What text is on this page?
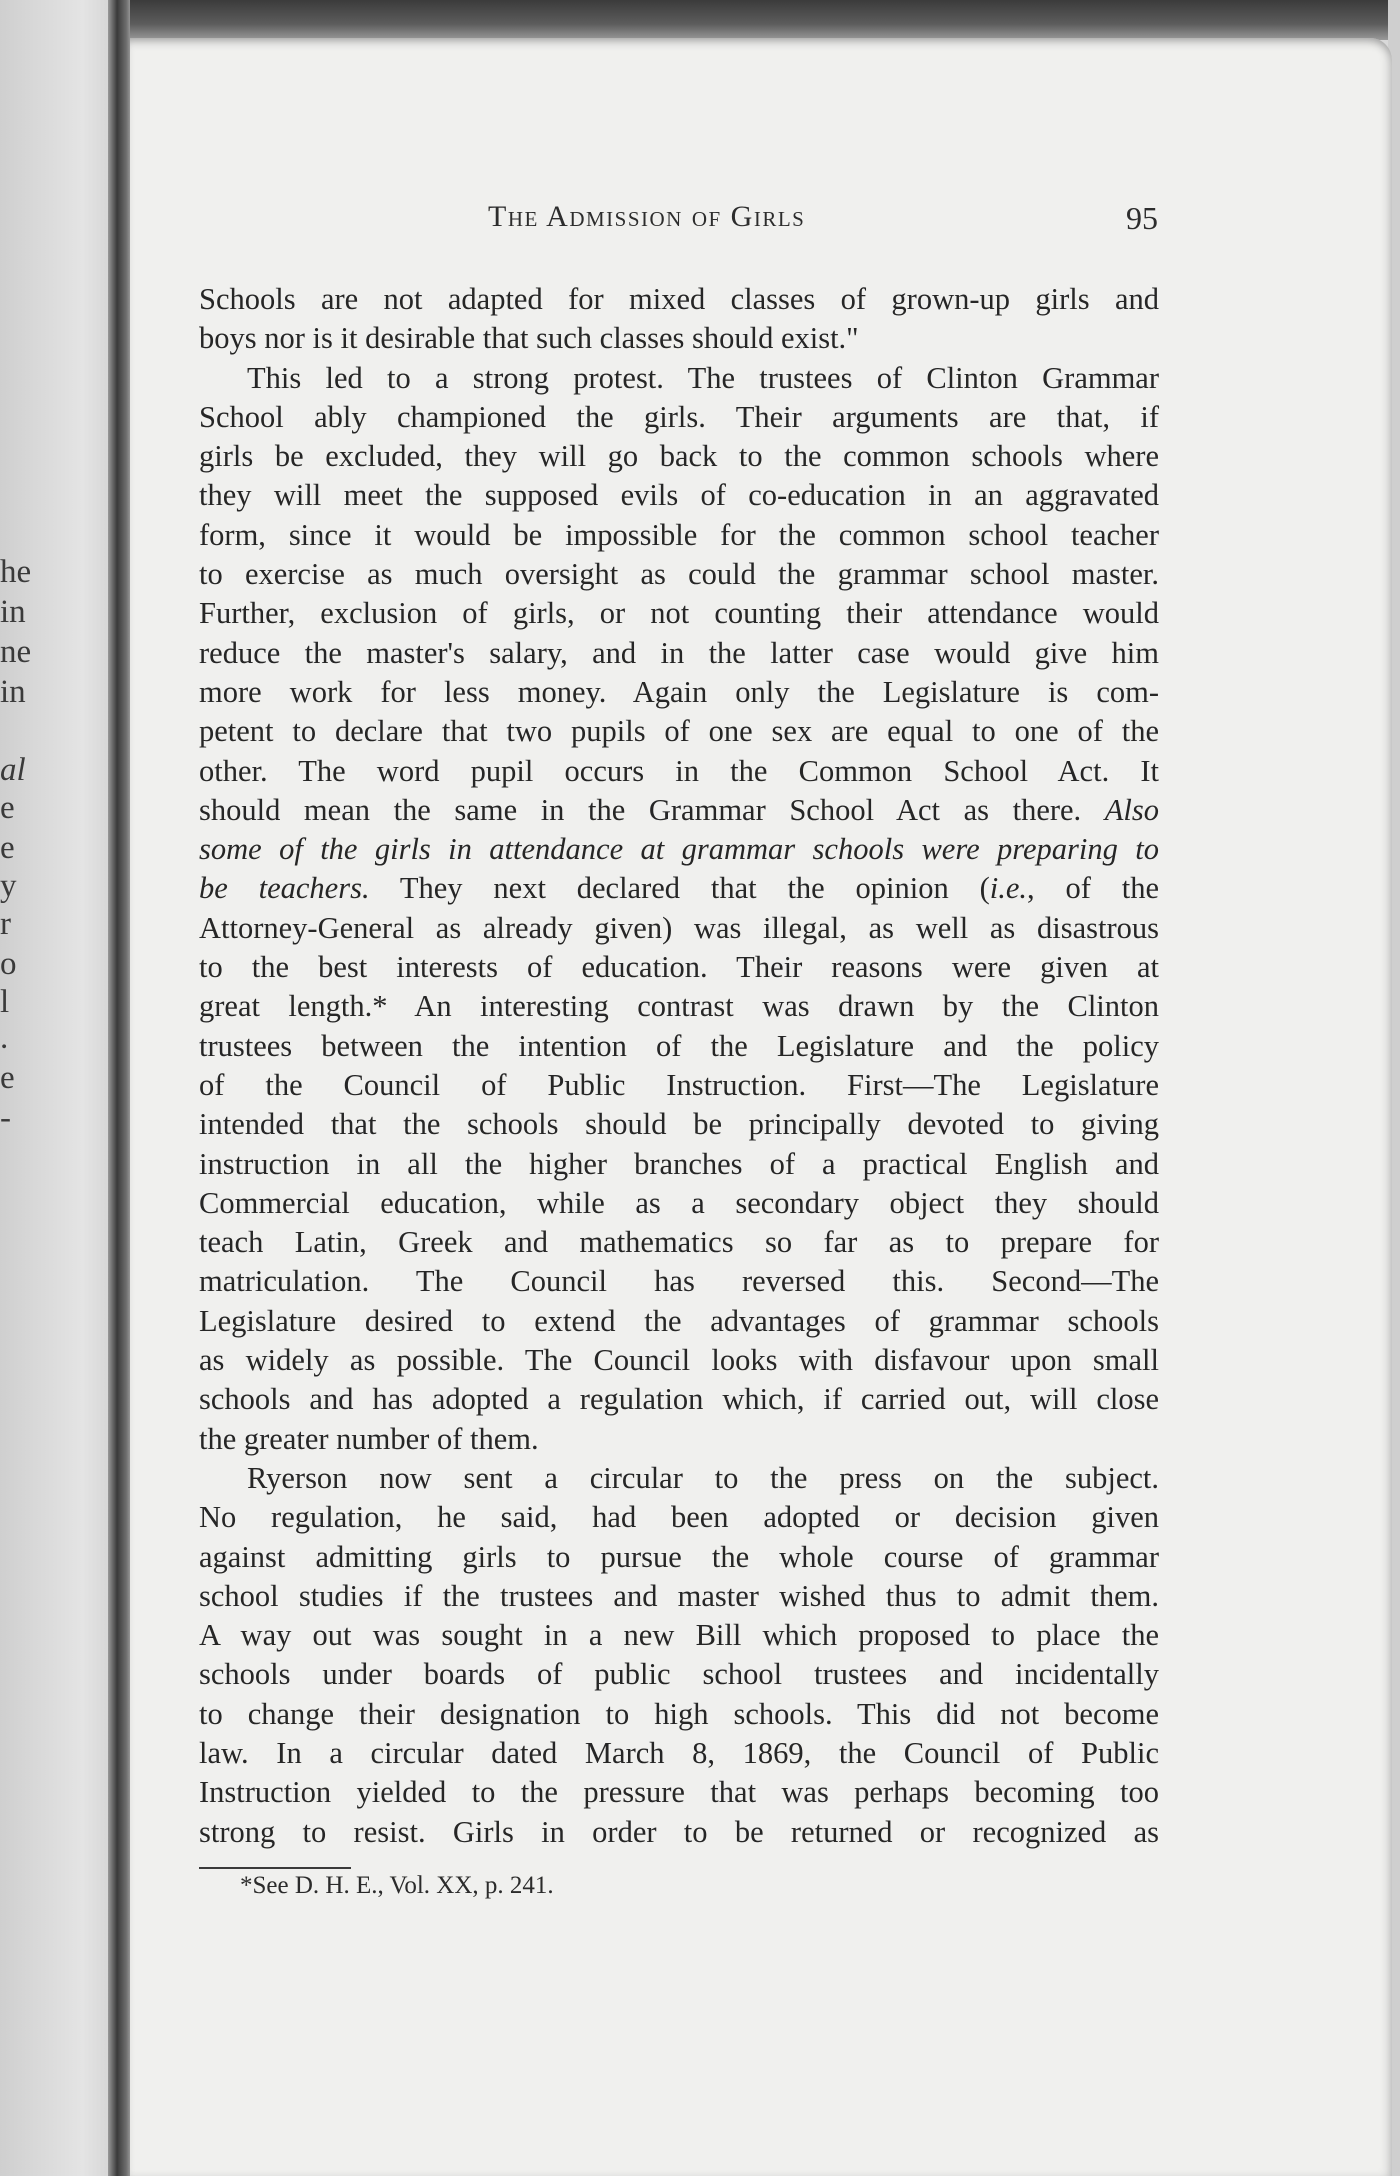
he
in
ne
in
al
e
e
y
r
o
l
.
e
-
The Admission of Girls	95
Schools are not adapted for mixed classes of grown-up girls and
boys nor is it desirable that such classes should exist."
This led to a strong protest. The trustees of Clinton Grammar
School ably championed the girls. Their arguments are that, if
girls be excluded, they will go back to the common schools where
they will meet the supposed evils of co-education in an aggravated
form, since it would be impossible for the common school teacher
to exercise as much oversight as could the grammar school master.
Further, exclusion of girls, or not counting their attendance would
reduce the master's salary, and in the latter case would give him
more work for less money. Again only the Legislature is com-
petent to declare that two pupils of one sex are equal to one of the
other. The word pupil occurs in the Common School Act. It
should mean the same in the Grammar School Act as there. Also
some of the girls in attendance at grammar schools were preparing to
be teachers. They next declared that the opinion (i.e., of the
Attorney-General as already given) was illegal, as well as disastrous
to the best interests of education. Their reasons were given at
great length.* An interesting contrast was drawn by the Clinton
trustees between the intention of the Legislature and the policy
of the Council of Public Instruction. First—The Legislature
intended that the schools should be principally devoted to giving
instruction in all the higher branches of a practical English and
Commercial education, while as a secondary object they should
teach Latin, Greek and mathematics so far as to prepare for
matriculation. The Council has reversed this. Second—The
Legislature desired to extend the advantages of grammar schools
as widely as possible. The Council looks with disfavour upon small
schools and has adopted a regulation which, if carried out, will close
the greater number of them.
Ryerson now sent a circular to the press on the subject.
No regulation, he said, had been adopted or decision given
against admitting girls to pursue the whole course of grammar
school studies if the trustees and master wished thus to admit them.
A way out was sought in a new Bill which proposed to place the
schools under boards of public school trustees and incidentally
to change their designation to high schools. This did not become
law. In a circular dated March 8, 1869, the Council of Public
Instruction yielded to the pressure that was perhaps becoming too
strong to resist. Girls in order to be returned or recognized as
*See D. H. E., Vol. XX, p. 241.
